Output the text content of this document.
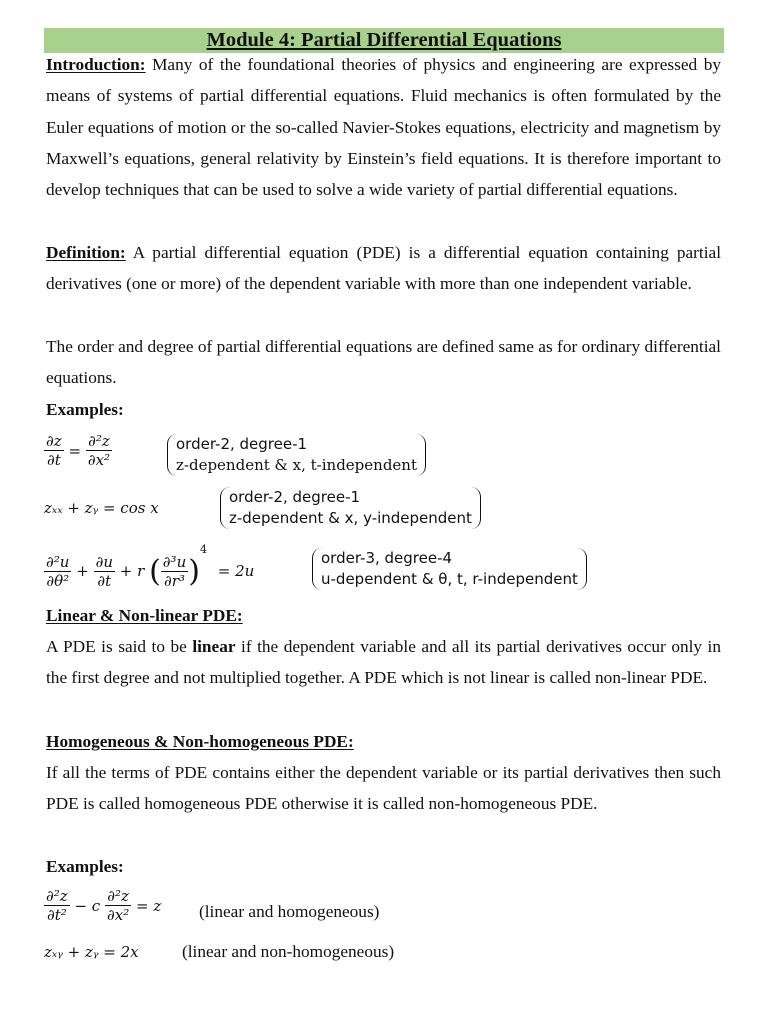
Module 4: Partial Differential Equations

Introduction: Many of the foundational theories of physics and engineering are expressed by means of systems of partial differential equations. Fluid mechanics is often formulated by the Euler equations of motion or the so-called Navier-Stokes equations, electricity and magnetism by Maxwell’s equations, general relativity by Einstein’s field equations. It is therefore important to develop techniques that can be used to solve a wide variety of partial differential equations.

Definition: A partial differential equation (PDE) is a differential equation containing partial derivatives (one or more) of the dependent variable with more than one independent variable.

The order and degree of partial differential equations are defined same as for ordinary differential equations.

Examples:

$\frac{\partial z}{\partial t} = \frac{\text{∂²z}}{\text{∂x²}}$	order-2, degree-1
z-dependent & x, t-independent
zₓₓ + zᵧ = cos x
order-2, degree-1
z-dependent & x, y-independent
$\frac{\text{∂²u}}{\text{∂θ²}} + \frac{\partial u}{\partial t} + r$ ( $\frac{\text{∂³u}}{\text{∂r³}} )^4 = 2u$
order-3, degree-4
u-dependent & θ, t, r-independent

Linear & Non-linear PDE:

A PDE is said to be linear if the dependent variable and all its partial derivatives occur only in the first degree and not multiplied together. A PDE which is not linear is called non-linear PDE.

Homogeneous & Non-homogeneous PDE:

If all the terms of PDE contains either the dependent variable or its partial derivatives then such PDE is called homogeneous PDE otherwise it is called non-homogeneous PDE.

Examples:

$\frac{\text{∂²z}}{\text{∂t²}} - c \frac{\text{∂²z}}{\text{∂x²}} = z$ (linear and homogeneous)
zₓᵧ + zᵧ = 2x	(linear and non-homogeneous)
